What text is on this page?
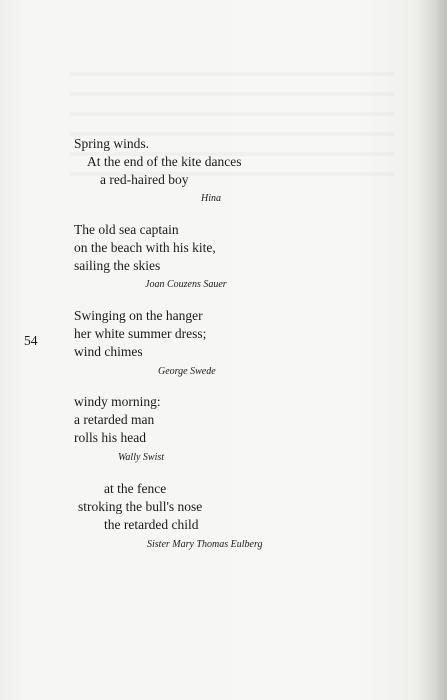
54
Spring winds.
At the end of the kite dances
a red-haired boy
Hina
The old sea captain
on the beach with his kite,
sailing the skies
Joan Couzens Sauer
Swinging on the hanger
her white summer dress;
wind chimes
George Swede
windy morning:
a retarded man
rolls his head
Wally Swist
at the fence
stroking the bull's nose
the retarded child
Sister Mary Thomas Eulberg
